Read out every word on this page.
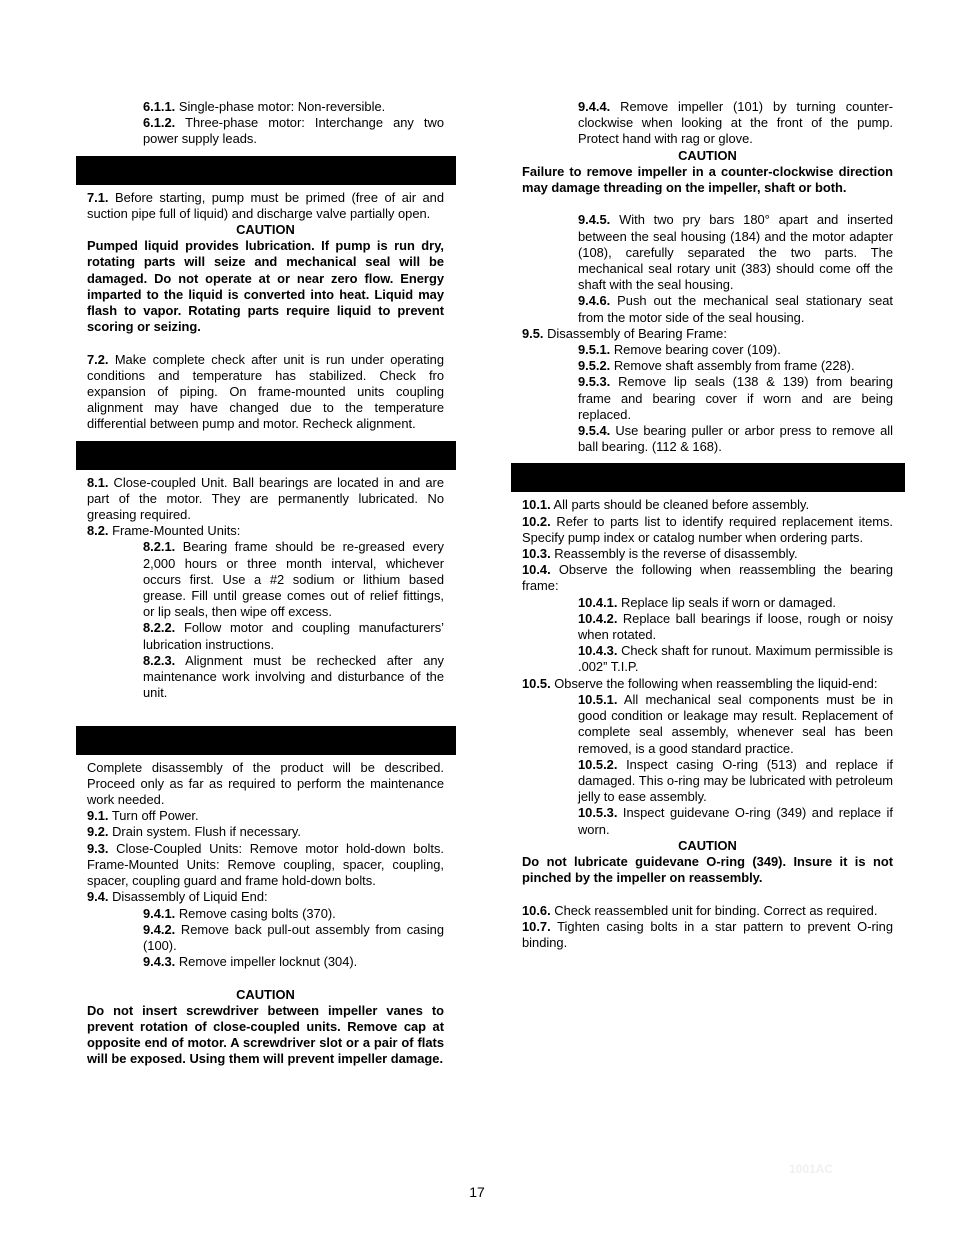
6.1.1. Single-phase motor: Non-reversible.

6.1.2. Three-phase motor: Interchange any two power supply leads.

7.1. Before starting, pump must be primed (free of air and suction pipe full of liquid) and discharge valve partially open.

CAUTION

Pumped liquid provides lubrication. If pump is run dry, rotating parts will seize and mechanical seal will be damaged. Do not operate at or near zero flow. Energy imparted to the liquid is converted into heat. Liquid may flash to vapor. Rotating parts require liquid to prevent scoring or seizing.

7.2. Make complete check after unit is run under operating conditions and temperature has stabilized. Check fro expansion of piping. On frame-mounted units coupling alignment may have changed due to the temperature differential between pump and motor. Recheck alignment.

8.1. Close-coupled Unit. Ball bearings are located in and are part of the motor. They are permanently lubricated. No greasing required.

8.2. Frame-Mounted Units:

8.2.1. Bearing frame should be re-greased every 2,000 hours or three month interval, whichever occurs first. Use a #2 sodium or lithium based grease. Fill until grease comes out of relief fittings, or lip seals, then wipe off excess.

8.2.2. Follow motor and coupling manufacturers’ lubrication instructions.

8.2.3. Alignment must be rechecked after any maintenance work involving and disturbance of the unit.

Complete disassembly of the product will be described. Proceed only as far as required to perform the maintenance work needed.

9.1. Turn off Power.

9.2. Drain system. Flush if necessary.

9.3. Close-Coupled Units: Remove motor hold-down bolts. Frame-Mounted Units: Remove coupling, spacer, coupling, spacer, coupling guard and frame hold-down bolts.

9.4. Disassembly of Liquid End:

9.4.1. Remove casing bolts (370).

9.4.2. Remove back pull-out assembly from casing (100).

9.4.3. Remove impeller locknut (304).

CAUTION

Do not insert screwdriver between impeller vanes to prevent rotation of close-coupled units. Remove cap at opposite end of motor. A screwdriver slot or a pair of flats will be exposed. Using them will prevent impeller damage.

9.4.4. Remove impeller (101) by turning counter-clockwise when looking at the front of the pump. Protect hand with rag or glove.

CAUTION

Failure to remove impeller in a counter-clockwise direction may damage threading on the impeller, shaft or both.

9.4.5. With two pry bars 180° apart and inserted between the seal housing (184) and the motor adapter (108), carefully separated the two parts. The mechanical seal rotary unit (383) should come off the shaft with the seal housing.

9.4.6. Push out the mechanical seal stationary seat from the motor side of the seal housing.

9.5. Disassembly of Bearing Frame:

9.5.1. Remove bearing cover (109).

9.5.2. Remove shaft assembly from frame (228).

9.5.3. Remove lip seals (138 & 139) from bearing frame and bearing cover if worn and are being replaced.

9.5.4. Use bearing puller or arbor press to remove all ball bearing. (112 & 168).

10.1. All parts should be cleaned before assembly.

10.2. Refer to parts list to identify required replacement items. Specify pump index or catalog number when ordering parts.

10.3. Reassembly is the reverse of disassembly.

10.4. Observe the following when reassembling the bearing frame:

10.4.1. Replace lip seals if worn or damaged.

10.4.2. Replace ball bearings if loose, rough or noisy when rotated.

10.4.3. Check shaft for runout. Maximum permissible is .002” T.I.P.

10.5. Observe the following when reassembling the liquid-end:

10.5.1. All mechanical seal components must be in good condition or leakage may result. Replacement of complete seal assembly, whenever seal has been removed, is a good standard practice.

10.5.2. Inspect casing O-ring (513) and replace if damaged. This o-ring may be lubricated with petroleum jelly to ease assembly.

10.5.3. Inspect guidevane O-ring (349) and replace if worn.

CAUTION

Do not lubricate guidevane O-ring (349). Insure it is not pinched by the impeller on reassembly.

10.6. Check reassembled unit for binding. Correct as required.

10.7. Tighten casing bolts in a star pattern to prevent O-ring binding.

17
1001AC
